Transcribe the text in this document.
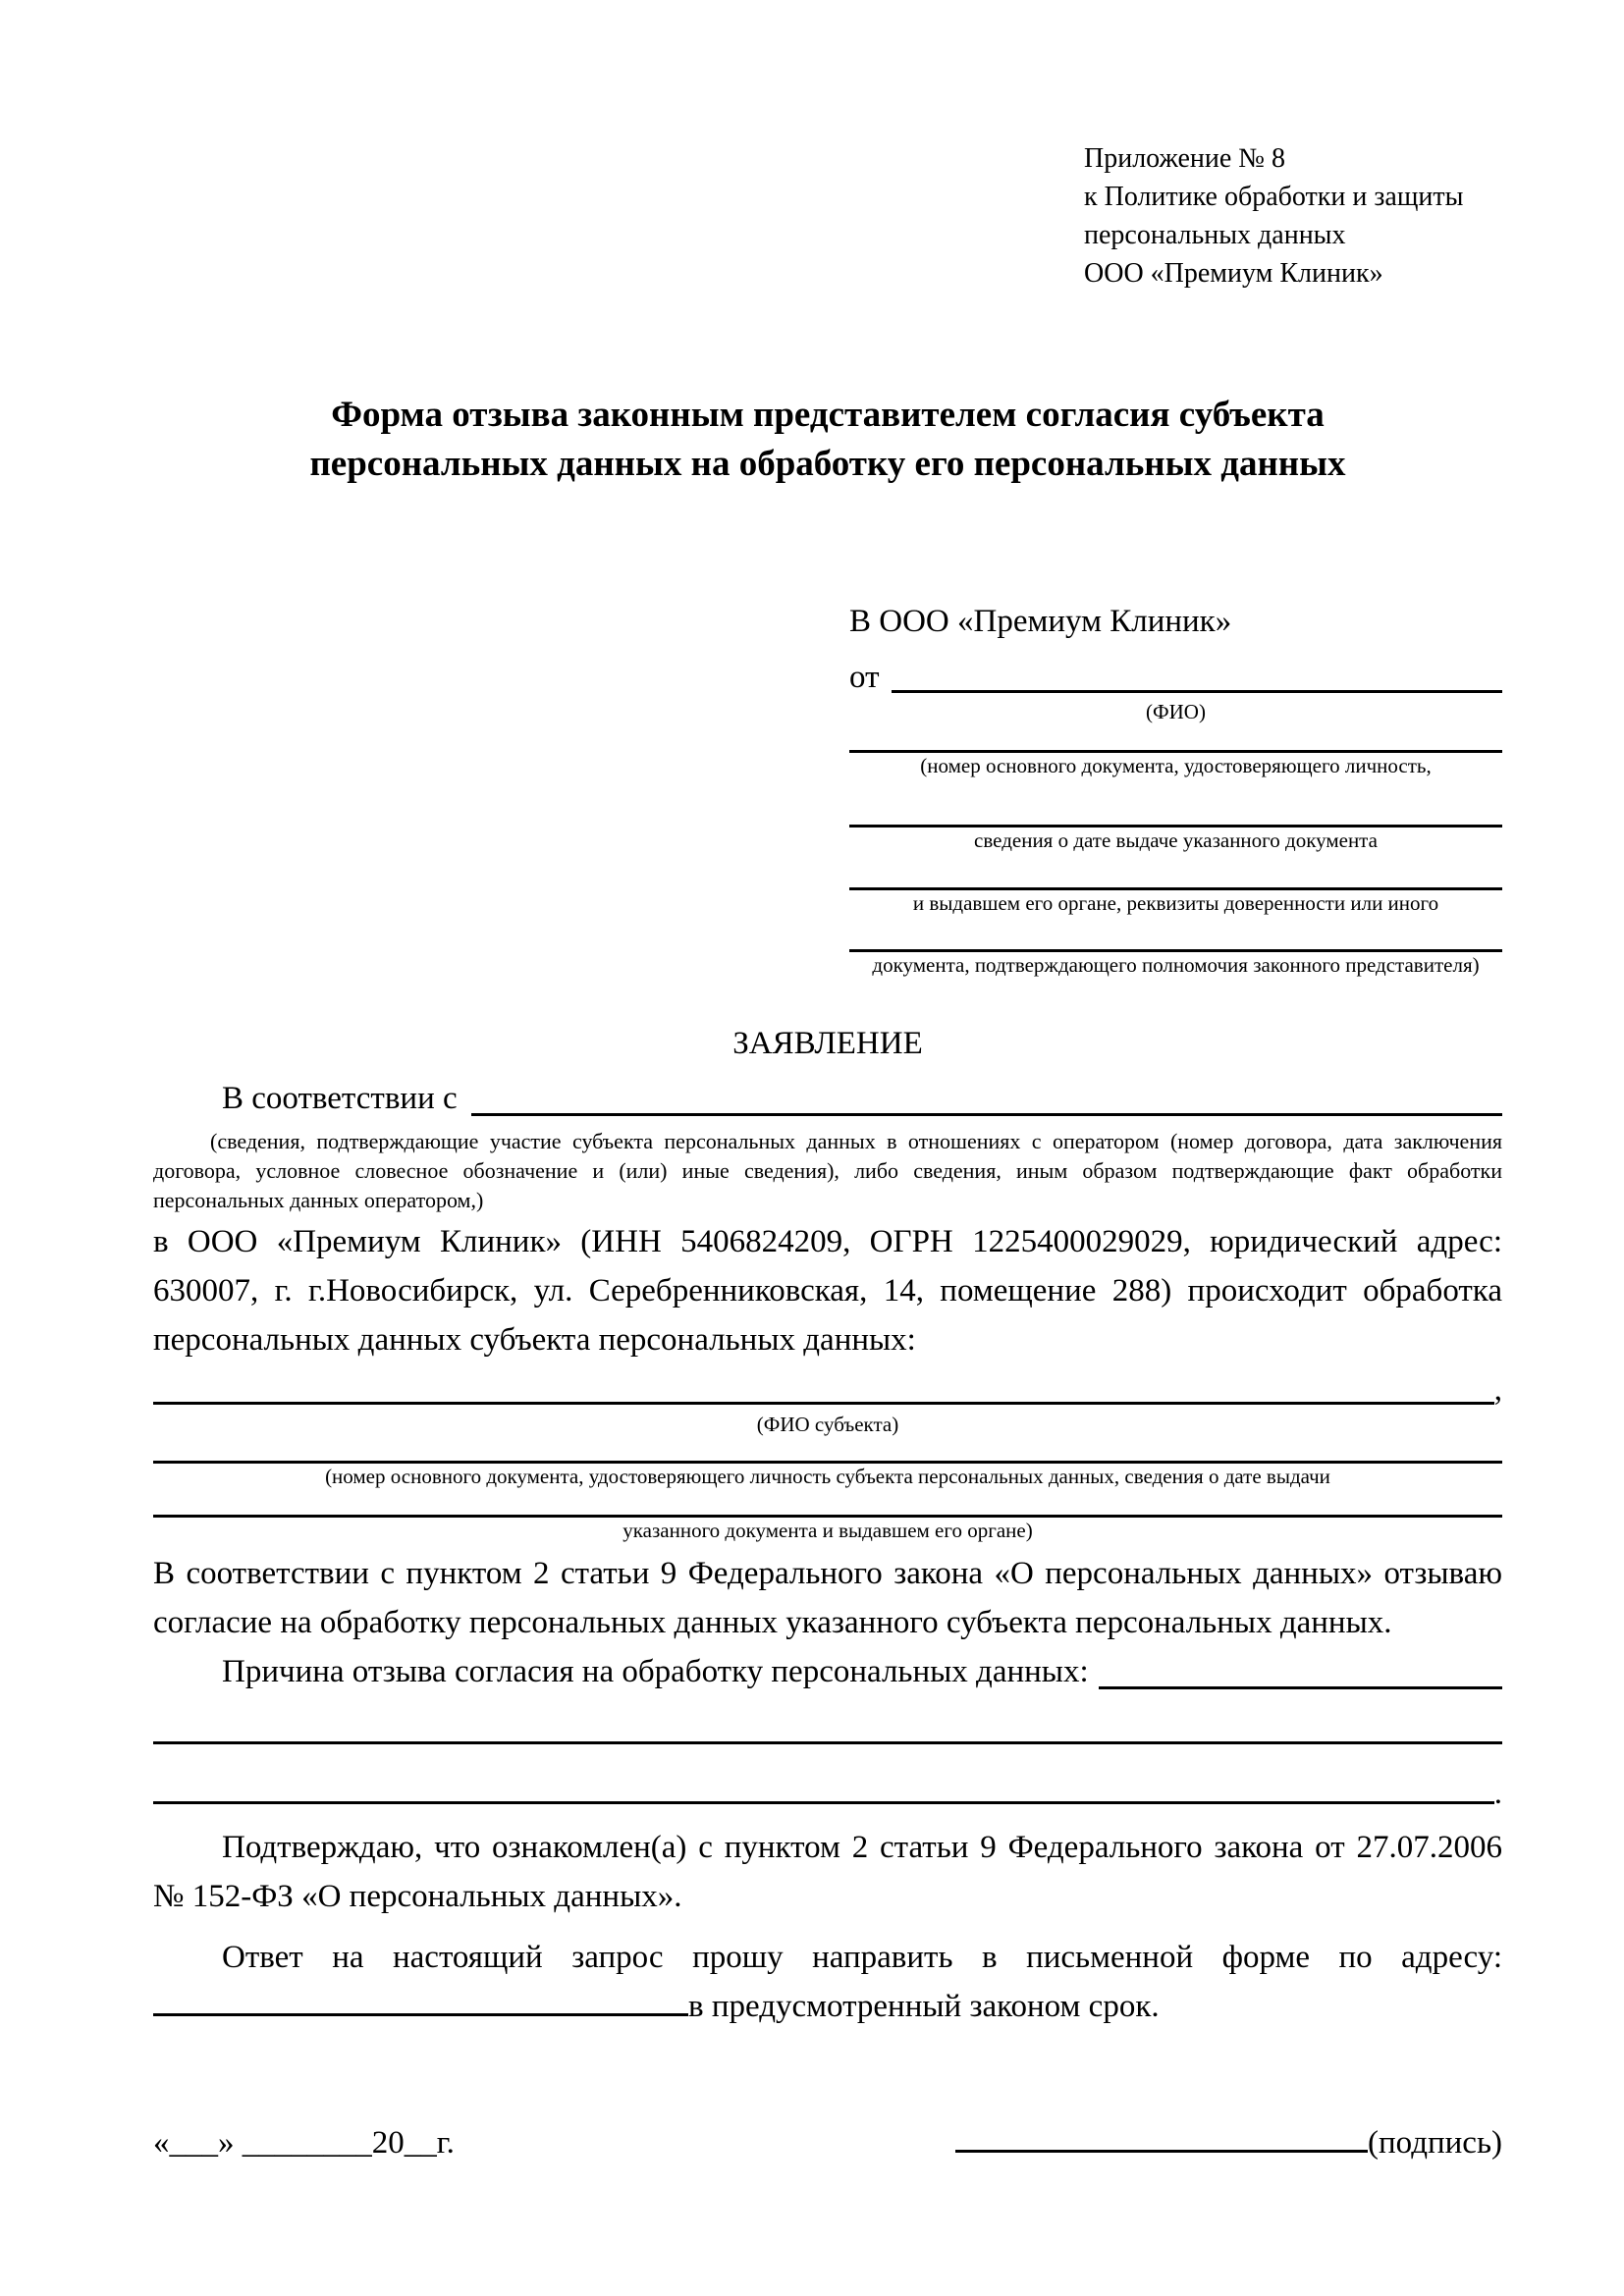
Приложение № 8
к Политике обработки и защиты
персональных данных
ООО «Премиум Клиник»
Форма отзыва законным представителем согласия субъекта
персональных данных на обработку его персональных данных
В ООО «Премиум Клиник»
от
(ФИО)
(номер основного документа, удостоверяющего личность,
сведения о дате выдаче указанного документа
и выдавшем его органе, реквизиты доверенности или иного
документа, подтверждающего полномочия законного представителя)
ЗАЯВЛЕНИЕ
В соответствии с
(сведения, подтверждающие участие субъекта персональных данных в отношениях с оператором (номер договора, дата заключения договора, условное словесное обозначение и (или) иные сведения), либо сведения, иным образом подтверждающие факт обработки персональных данных оператором,)
в ООО «Премиум Клиник» (ИНН 5406824209, ОГРН 1225400029029, юридический адрес: 630007, г. г.Новосибирск, ул. Серебренниковская, 14, помещение 288) происходит обработка персональных данных субъекта персональных данных:
,
(ФИО субъекта)
(номер основного документа, удостоверяющего личность субъекта персональных данных, сведения о дате выдачи
указанного документа и выдавшем его органе)
В соответствии с пунктом 2 статьи 9 Федерального закона «О персональных данных» отзываю согласие на обработку персональных данных указанного субъекта персональных данных.
Причина отзыва согласия на обработку персональных данных:
.
Подтверждаю, что ознакомлен(а) с пунктом 2 статьи 9 Федерального закона от 27.07.2006 № 152-ФЗ «О персональных данных».
Ответ на настоящий запрос прошу направить в письменной форме по адресу:
в предусмотренный законом срок.
«___» ________20__г.	(подпись)
